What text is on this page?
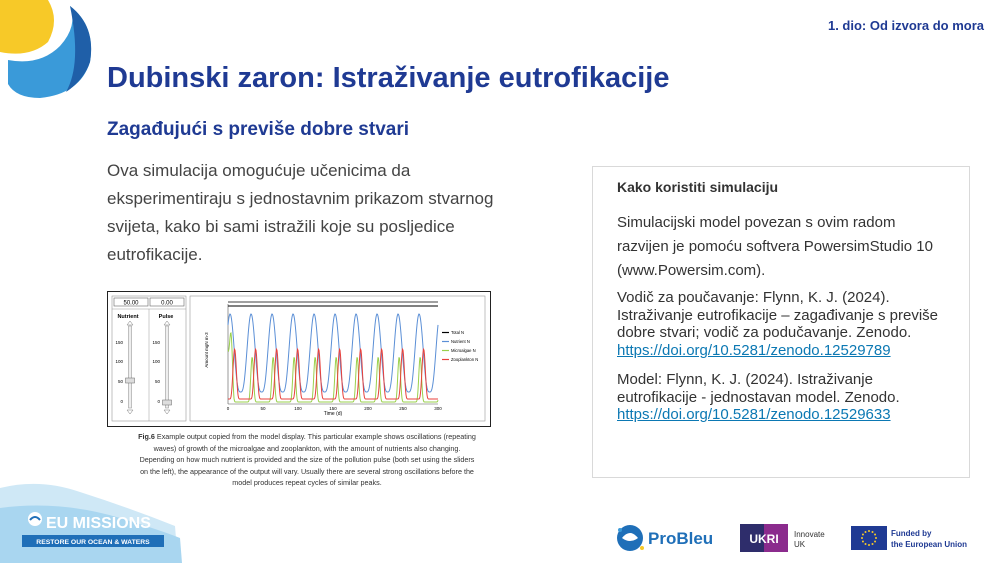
1. dio: Od izvora do mora
Dubinski zaron: Istraživanje eutrofikacije
Zagađujući s previše dobre stvari

Ova simulacija omogućuje učenicima da eksperimentiraju s jednostavnim prikazom stvarnog svijeta, kako bi sami istražili koje su posljedice eutrofikacije.

50.00	0.00
Nutrient	Pulse
150
100
50
0
150
100
50
0
Amount mgN m-3
Time (d)
0	50	100	150	200	250	300
Total N
Nutrient N
Microalgae N
Zooplankton N
Fig.6 Example output copied from the model display. This particular example shows oscillations (repeating
waves) of growth of the microalgae and zooplankton, with the amount of nutrients also changing.
Depending on how much nutrient is provided and the size of the pollution pulse (both set using the sliders
on the left), the appearance of the output will vary. Usually there are several strong oscillations before the
model produces repeat cycles of similar peaks.
Kako koristiti simulaciju

Simulacijski model povezan s ovim radom razvijen je pomoću softvera PowersimStudio 10 (www.Powersim.com).

Vodič za poučavanje: Flynn, K. J. (2024). Istraživanje eutrofikacije – zagađivanje s previše dobre stvari; vodič za podučavanje. Zenodo.
https://doi.org/10.5281/zenodo.12529789

Model: Flynn, K. J. (2024). Istraživanje eutrofikacije - jednostavan model. Zenodo.
https://doi.org/10.5281/zenodo.12529633

EU MISSIONS
RESTORE OUR OCEAN & WATERS	ProBleu	UKRI Innovate
UK
Funded by
the European Union
